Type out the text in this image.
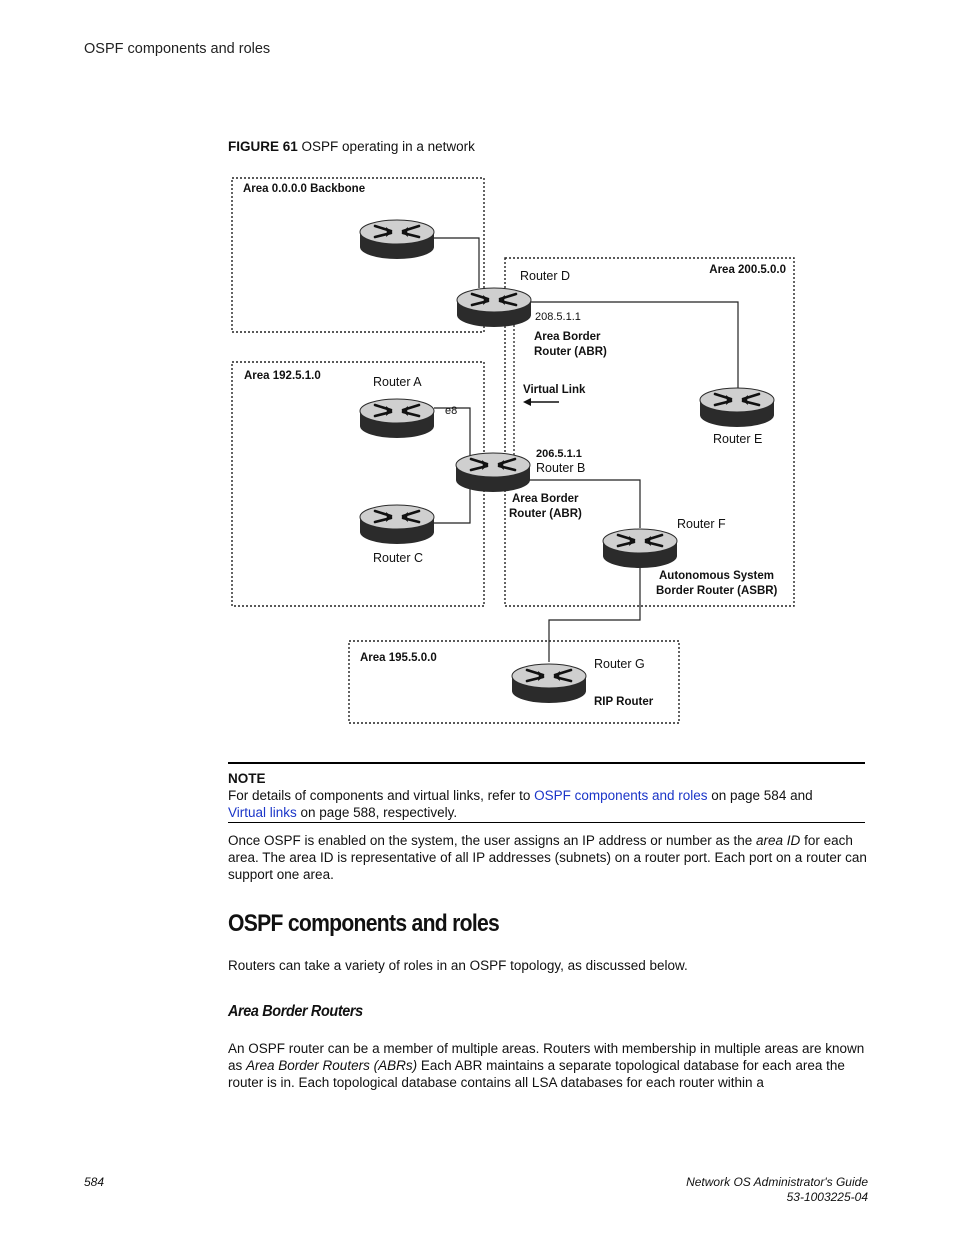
OSPF components and roles
FIGURE 61 OSPF operating in a network
Area 0.0.0.0 Backbone
Area 200.5.0.0
Area 192.5.1.0
Area 195.5.0.0
Router D
208.5.1.1
Area Border
Router (ABR)
Virtual Link
Router A
e8
206.5.1.1
Router B
Area Border
Router (ABR)
Router C
Router E
Router F
Autonomous System
Border Router (ASBR)
Router G
RIP Router
NOTE
For details of components and virtual links, refer to OSPF components and roles on page 584 and
Virtual links on page 588, respectively.
Once OSPF is enabled on the system, the user assigns an IP address or number as the area ID for each area. The area ID is representative of all IP addresses (subnets) on a router port. Each port on a router can support one area.
OSPF components and roles
Routers can take a variety of roles in an OSPF topology, as discussed below.
Area Border Routers
An OSPF router can be a member of multiple areas. Routers with membership in multiple areas are known as Area Border Routers (ABRs) Each ABR maintains a separate topological database for each area the router is in. Each topological database contains all LSA databases for each router within a
584	Network OS Administrator's Guide
53-1003225-04
